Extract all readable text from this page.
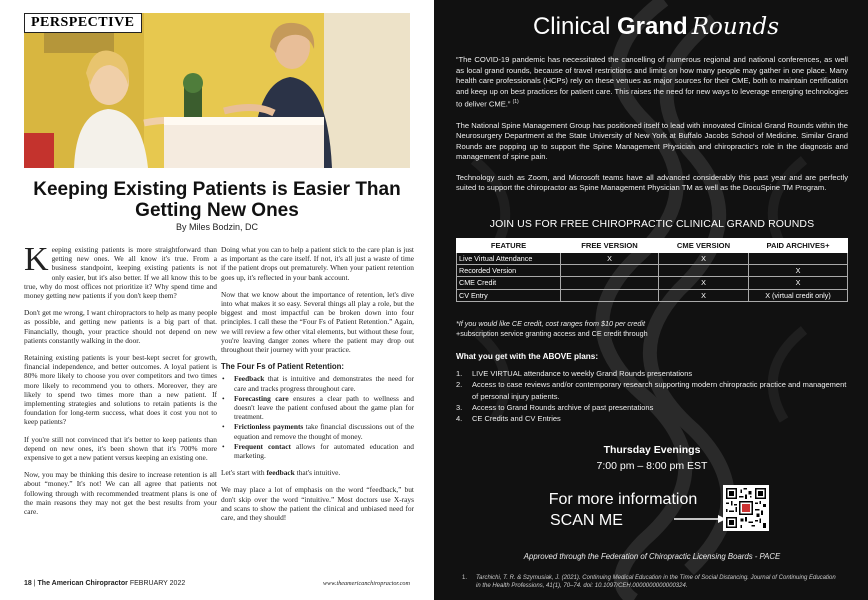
PERSPECTIVE
Keeping Existing Patients is Easier Than Getting New Ones
By Miles Bodzin, DC

Keeping existing patients is more straightforward than getting new ones. We all know it's true. From a business standpoint, keeping existing patients is not only easier, but it's also better. If we all know this to be true, why do most offices not prioritize it? Why spend time and money getting new patients if you don't keep them?

Don't get me wrong, I want chiropractors to help as many people as possible, and getting new patients is a big part of that. Financially, though, your practice should not depend on new patients constantly walking in the door.

Retaining existing patients is your best-kept secret for growth, financial independence, and better outcomes. A loyal patient is 80% more likely to choose you over competitors and two times more likely to recommend you to others. Moreover, they are likely to spend two times more than a new patient. If implementing strategies and solutions to retain patients is the foundation for long-term success, what does it cost you not to keep patients?

If you're still not convinced that it's better to keep patients than depend on new ones, it's been shown that it's 700% more expensive to get a new patient versus keeping an existing one.

Now, you may be thinking this desire to increase retention is all about “money.” It's not! We can all agree that patients not following through with recommended treatment plans is one of the main reasons they may not get the best results from your care.

Doing what you can to help a patient stick to the care plan is just as important as the care itself. If not, it's all just a waste of time if the patient drops out prematurely. When your patient retention goes up, it's reflected in your bank account.

Now that we know about the importance of retention, let's dive into what makes it so easy. Several things all play a role, but the biggest and most impactful can be broken down into four principles. I call these the “Four Fs of Patient Retention.” Again, we will review a few other vital elements, but without these four, you're leaving danger zones where the patient may drop out throughout their journey with your practice.

The Four Fs of Patient Retention:
• Feedback that is intuitive and demonstrates the need for care and tracks progress throughout care.
• Forecasting care ensures a clear path to wellness and doesn't leave the patient confused about the game plan for treatment.
• Frictionless payments take financial discussions out of the equation and remove the thought of money.
• Frequent contact allows for automated education and marketing.

Let's start with feedback that's intuitive.

We may place a lot of emphasis on the word “feedback,” but don't skip over the word “intuitive.” Most doctors use X-rays and scans to show the patient the clinical and unbiased need for care, and they should!

18 | The American Chiropractor FEBRUARY 2022	www.theamericanchiropractor.com
Clinical Grand Rounds

“The COVID-19 pandemic has necessitated the cancelling of numerous regional and national conferences, as well as local grand rounds, because of travel restrictions and limits on how many people may gather in one place. Many health care professionals (HCPs) rely on these venues as major sources for their CME, both to maintain certification and keep up on best practices for patient care. This raises the need for new ways to leverage emerging technologies to deliver CME.” $^{(1)}$

The National Spine Management Group has positioned itself to lead with innovated Clinical Grand Rounds within the Neurosurgery Department at the State University of New York at Buffalo Jacobs School of Medicine. Similar Grand Rounds are popping up to support the Spine Management Physician and chiropractic's role in the diagnosis and management of spine pain.

Technology such as Zoom, and Microsoft teams have all advanced considerably this past year and are perfectly suited to support the chiropractor as Spine Management Physician TM as well as the DocuSpine TM Program.

JOIN US FOR FREE CHIROPRACTIC CLINICAL GRAND ROUNDS
FEATURE	FREE VERSION	CME VERSION	PAID ARCHIVES+
Live Virtual Attendance	X	X	
Recorded Version			X
CME Credit		X	X
CV Entry		X	X (virtual credit only)
*If you would like CE credit, cost ranges from $10 per credit
+subscription service granting access and CE credit through
What you get with the ABOVE plans:
1. LIVE VIRTUAL attendance to weekly Grand Rounds presentations
2. Access to case reviews and/or contemporary research supporting modern chiropractic practice and management of personal injury patients.
3. Access to Grand Rounds archive of past presentations
4. CE Credits and CV Entries
Thursday Evenings
7:00 pm – 8:00 pm EST
For more information
SCAN ME
Approved through the Federation of Chiropractic Licensing Boards - PACE
1.	Tarchichi, T. R. & Szymusiak, J. (2021). Continuing Medical Education in the Time of Social Distancing. Journal of Continuing Education in the Health Professions, 41(1), 70–74. doi: 10.1097/CEH.0000000000000324.
